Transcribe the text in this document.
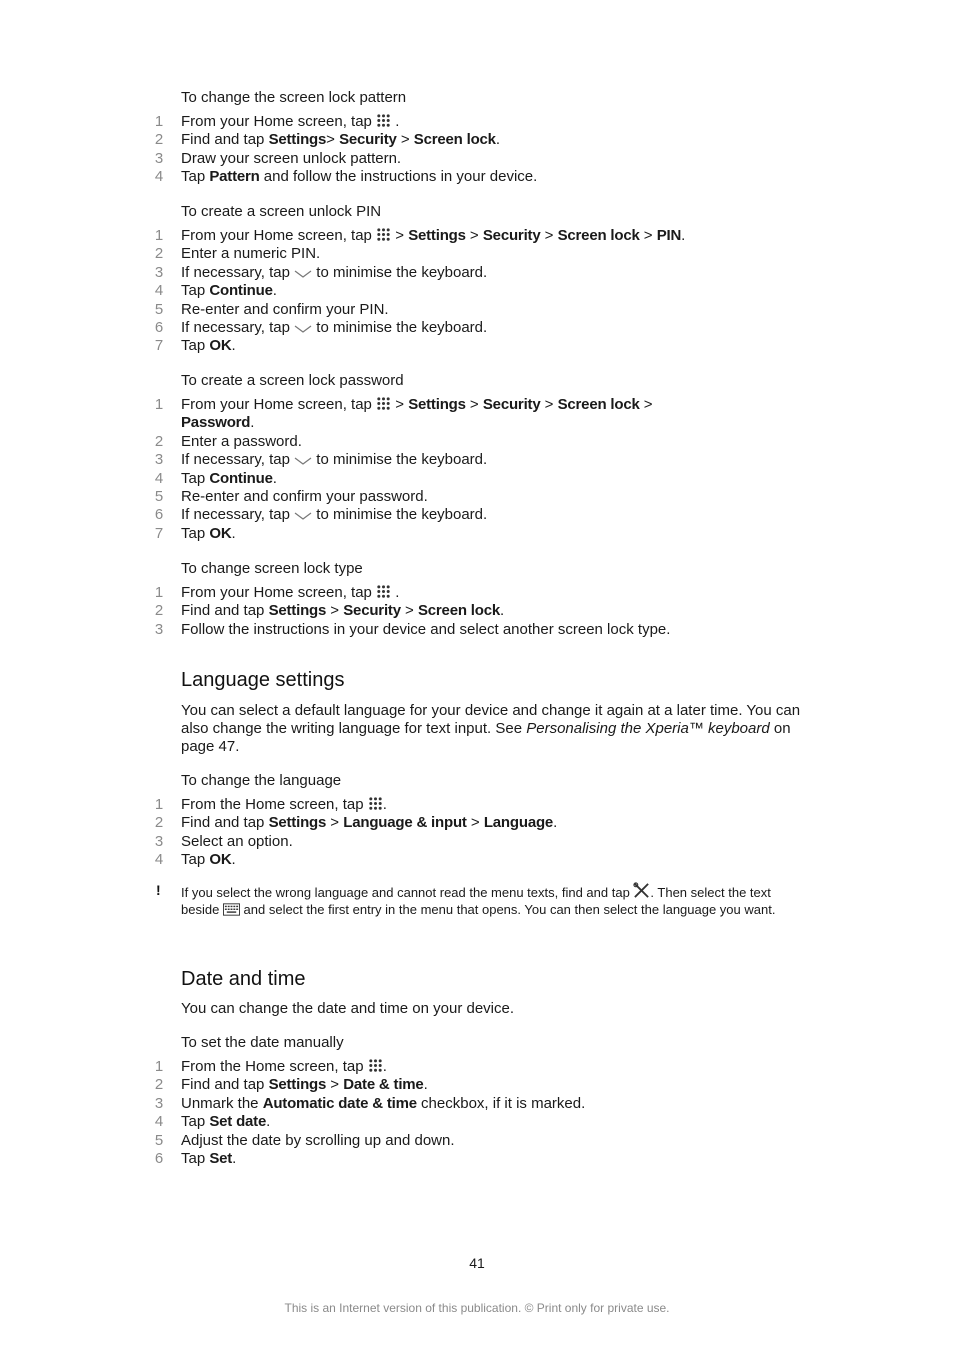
To change the screen lock pattern
1 From your Home screen, tap  .
2 Find and tap Settings> Security > Screen lock.
3 Draw your screen unlock pattern.
4 Tap Pattern and follow the instructions in your device.
To create a screen unlock PIN
1 From your Home screen, tap  > Settings > Security > Screen lock > PIN.
2 Enter a numeric PIN.
3 If necessary, tap  to minimise the keyboard.
4 Tap Continue.
5 Re-enter and confirm your PIN.
6 If necessary, tap  to minimise the keyboard.
7 Tap OK.
To create a screen lock password
1 From your Home screen, tap  > Settings > Security > Screen lock >
Password.
2 Enter a password.
3 If necessary, tap  to minimise the keyboard.
4 Tap Continue.
5 Re-enter and confirm your password.
6 If necessary, tap  to minimise the keyboard.
7 Tap OK.
To change screen lock type
1 From your Home screen, tap  .
2 Find and tap Settings > Security > Screen lock.
3 Follow the instructions in your device and select another screen lock type.
Language settings
You can select a default language for your device and change it again at a later time. You can also change the writing language for text input. See Personalising the Xperia™ keyboard on page 47.
To change the language
1 From the Home screen, tap .
2 Find and tap Settings > Language & input > Language.
3 Select an option.
4 Tap OK.
! If you select the wrong language and cannot read the menu texts, find and tap . Then select the text beside  and select the first entry in the menu that opens. You can then select the language you want.
Date and time
You can change the date and time on your device.
To set the date manually
1 From the Home screen, tap .
2 Find and tap Settings > Date & time.
3 Unmark the Automatic date & time checkbox, if it is marked.
4 Tap Set date.
5 Adjust the date by scrolling up and down.
6 Tap Set.
41
This is an Internet version of this publication. © Print only for private use.
